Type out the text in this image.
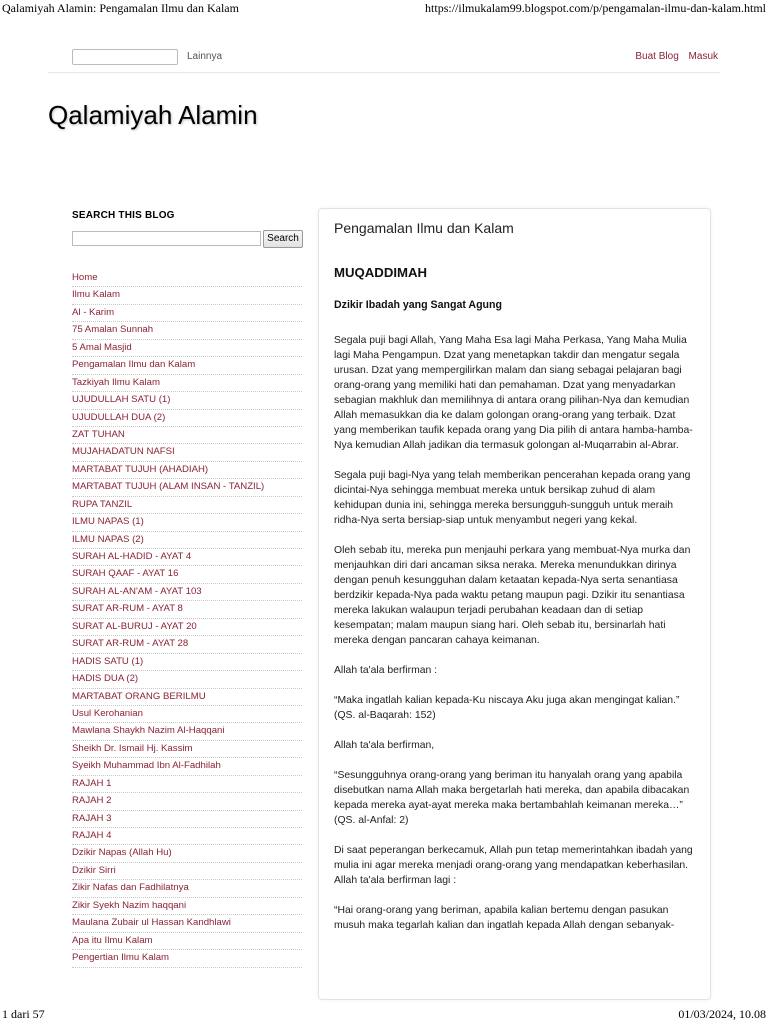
Qalamiyah Alamin: Pengamalan Ilmu dan Kalam	https://ilmukalam99.blogspot.com/p/pengamalan-ilmu-dan-kalam.html
Lainnya	Buat Blog Masuk
Qalamiyah Alamin
SEARCH THIS BLOG
Search
Home
Ilmu Kalam
Al - Karim
75 Amalan Sunnah
5 Amal Masjid
Pengamalan Ilmu dan Kalam
Tazkiyah Ilmu Kalam
UJUDULLAH SATU (1)
UJUDULLAH DUA (2)
ZAT TUHAN
MUJAHADATUN NAFSI
MARTABAT TUJUH (AHADIAH)
MARTABAT TUJUH (ALAM INSAN - TANZIL)
RUPA TANZIL
ILMU NAPAS (1)
ILMU NAPAS (2)
SURAH AL-HADID - AYAT 4
SURAH QAAF - AYAT 16
SURAH AL-AN'AM - AYAT 103
SURAT AR-RUM - AYAT 8
SURAT AL-BURUJ - AYAT 20
SURAT AR-RUM - AYAT 28
HADIS SATU (1)
HADIS DUA (2)
MARTABAT ORANG BERILMU
Usul Kerohanian
Mawlana Shaykh Nazim Al-Haqqani
Sheikh Dr. Ismail Hj. Kassim
Syeikh Muhammad Ibn Al-Fadhilah
RAJAH 1
RAJAH 2
RAJAH 3
RAJAH 4
Dzikir Napas (Allah Hu)
Dzikir Sirri
Zikir Nafas dan Fadhilatnya
Zikir Syekh Nazim haqqani
Maulana Zubair ul Hassan Kandhlawi
Apa itu Ilmu Kalam
Pengertian Ilmu Kalam
Pengamalan Ilmu dan Kalam
MUQADDIMAH
Dzikir Ibadah yang Sangat Agung

Segala puji bagi Allah, Yang Maha Esa lagi Maha Perkasa, Yang Maha Mulia lagi Maha Pengampun. Dzat yang menetapkan takdir dan mengatur segala urusan. Dzat yang mempergilirkan malam dan siang sebagai pelajaran bagi orang-orang yang memiliki hati dan pemahaman. Dzat yang menyadarkan sebagian makhluk dan memilihnya di antara orang pilihan-Nya dan kemudian Allah memasukkan dia ke dalam golongan orang-orang yang terbaik. Dzat yang memberikan taufik kepada orang yang Dia pilih di antara hamba-hamba-Nya kemudian Allah jadikan dia termasuk golongan al-Muqarrabin al-Abrar.

Segala puji bagi-Nya yang telah memberikan pencerahan kepada orang yang dicintai-Nya sehingga membuat mereka untuk bersikap zuhud di alam kehidupan dunia ini, sehingga mereka bersungguh-sungguh untuk meraih ridha-Nya serta bersiap-siap untuk menyambut negeri yang kekal.

Oleh sebab itu, mereka pun menjauhi perkara yang membuat-Nya murka dan menjauhkan diri dari ancaman siksa neraka. Mereka menundukkan dirinya dengan penuh kesungguhan dalam ketaatan kepada-Nya serta senantiasa berdzikir kepada-Nya pada waktu petang maupun pagi. Dzikir itu senantiasa mereka lakukan walaupun terjadi perubahan keadaan dan di setiap kesempatan; malam maupun siang hari. Oleh sebab itu, bersinarlah hati mereka dengan pancaran cahaya keimanan.

Allah ta'ala berfirman :

“Maka ingatlah kalian kepada-Ku niscaya Aku juga akan mengingat kalian.” (QS. al-Baqarah: 152)

Allah ta'ala berfirman,

“Sesungguhnya orang-orang yang beriman itu hanyalah orang yang apabila disebutkan nama Allah maka bergetarlah hati mereka, dan apabila dibacakan kepada mereka ayat-ayat mereka maka bertambahlah keimanan mereka…” (QS. al-Anfal: 2)

Di saat peperangan berkecamuk, Allah pun tetap memerintahkan ibadah yang mulia ini agar mereka menjadi orang-orang yang mendapatkan keberhasilan. Allah ta'ala berfirman lagi :

“Hai orang-orang yang beriman, apabila kalian bertemu dengan pasukan musuh maka tegarlah kalian dan ingatlah kepada Allah dengan sebanyak-

1 dari 57	01/03/2024, 10.08
